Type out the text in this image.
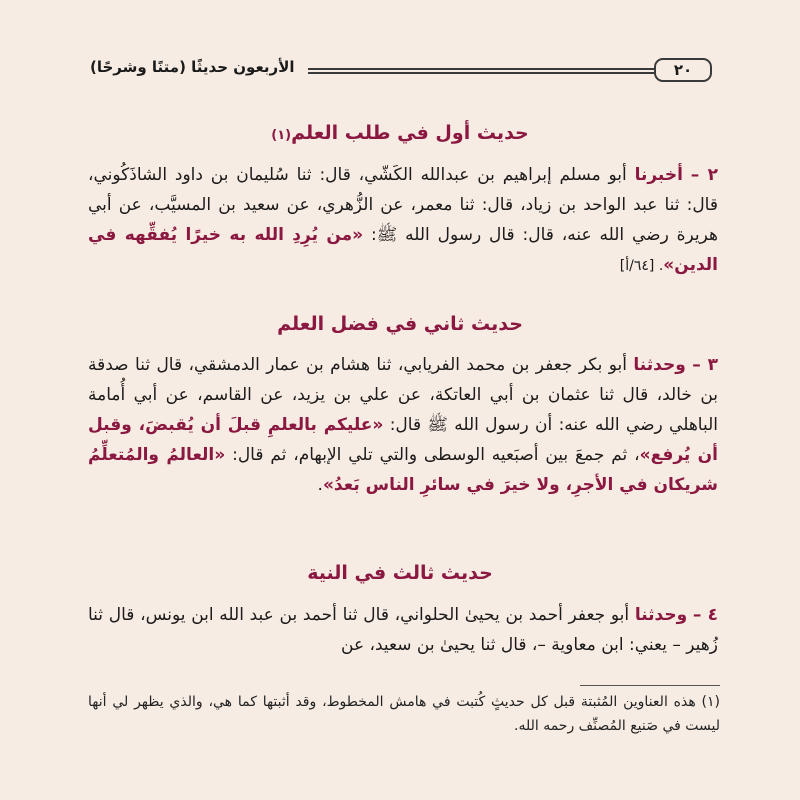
الأربعون حديثًا (متنًا وشرحًا)	٢٠
حديث أول في طلب العلم(١)
٢ – أخبرنا أبو مسلم إبراهيم بن عبدالله الكَشّي، قال: ثنا سُليمان بن داود الشاذَكُوني، قال: ثنا عبد الواحد بن زياد، قال: ثنا معمر، عن الزُّهري، عن سعيد بن المسيَّب، عن أبي هريرة رضي الله عنه، قال: قال رسول الله ﷺ: «من يُرِدِ الله به خيرًا يُفقِّهه في الدين». [٦٤/أ]
حديث ثاني في فضل العلم
٣ – وحدثنا أبو بكر جعفر بن محمد الفريابي، ثنا هشام بن عمار الدمشقي، قال ثنا صدقة بن خالد، قال ثنا عثمان بن أبي العاتكة، عن علي بن يزيد، عن القاسم، عن أبي أُمامة الباهلي رضي الله عنه: أن رسول الله ﷺ قال: «عليكم بالعلمِ قبلَ أن يُقبضَ، وقبل أن يُرفع»، ثم جمعَ بين أصبَعيه الوسطى والتي تلي الإبهام، ثم قال: «العالمُ والمُتعلِّمُ شريكان في الأجرِ، ولا خيرَ في سائرِ الناس بَعدُ».
حديث ثالث في النية
٤ – وحدثنا أبو جعفر أحمد بن يحيىٰ الحلواني، قال ثنا أحمد بن عبد الله ابن يونس، قال ثنا زُهير – يعني: ابن معاوية –، قال ثنا يحيىٰ بن سعيد، عن
(١) هذه العناوين المُثبتة قبل كل حديثٍ كُتبت في هامش المخطوط، وقد أثبتها كما هي، والذي يظهر لي أنها ليست في صَنيع المُصنِّف رحمه الله.
